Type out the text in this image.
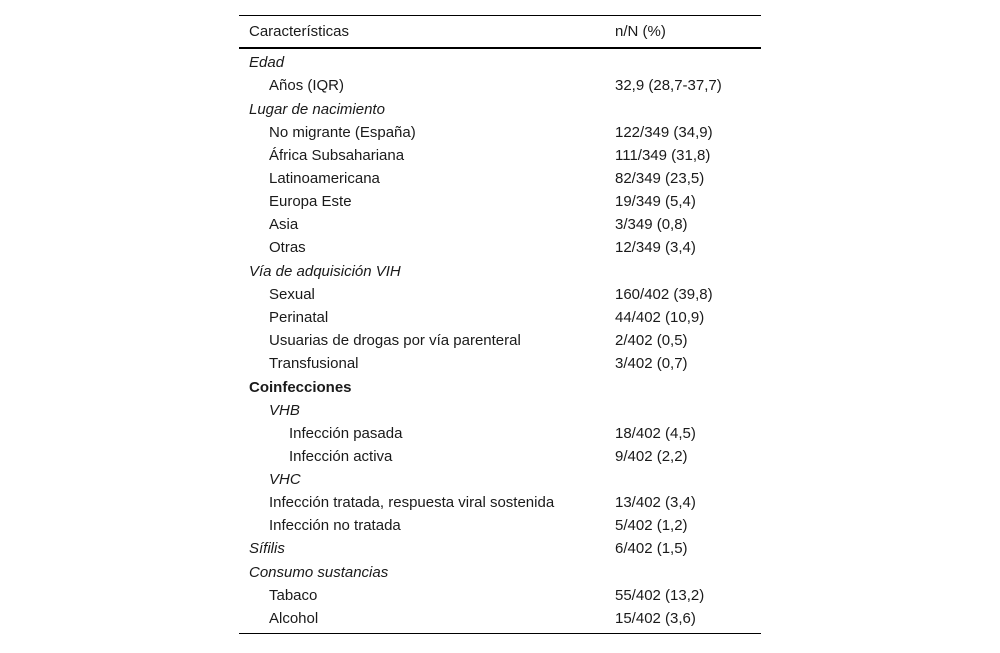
Características	n/N (%)
Edad
Años (IQR)	32,9 (28,7-37,7)
Lugar de nacimiento
No migrante (España)	122/349 (34,9)
África Subsahariana	111/349 (31,8)
Latinoamericana	82/349 (23,5)
Europa Este	19/349 (5,4)
Asia	3/349 (0,8)
Otras	12/349 (3,4)
Vía de adquisición VIH
Sexual	160/402 (39,8)
Perinatal	44/402 (10,9)
Usuarias de drogas por vía parenteral	2/402 (0,5)
Transfusional	3/402 (0,7)
Coinfecciones
VHB
Infección pasada	18/402 (4,5)
Infección activa	9/402 (2,2)
VHC
Infección tratada, respuesta viral sostenida	13/402 (3,4)
Infección no tratada	5/402 (1,2)
Sífilis	6/402 (1,5)
Consumo sustancias
Tabaco	55/402 (13,2)
Alcohol	15/402 (3,6)
